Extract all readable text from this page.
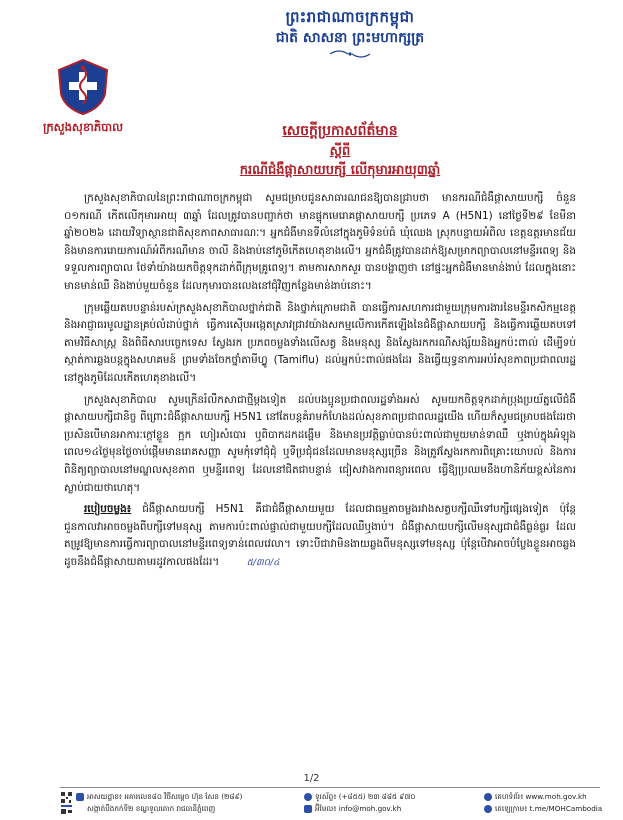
ព្រះរាជាណាចក្រកម្ពុជា
ជាតិ សាសនា ព្រះមហាក្សត្រ
ក្រសួងសុខាភិបាល	សេចក្ដីប្រកាសព័ត៌មាន
ស្ដីពី
ករណីជំងឺផ្ដាសាយបក្សី លើកុមារអាយុ៣ឆ្នាំ

ក្រសួងសុខាភិបាលនៃព្រះរាជាណាចក្រកម្ពុជា សូមជម្រាបជូនសាធារណជនឱ្យបានជ្រាបថា មានករណីជំងឺផ្ដាសាយបក្សី ចំនួន ០១ករណី កើតលើកុមារអាយុ ៣ឆ្នាំ ដែលត្រូវបានបញ្ជាក់ថា មានផ្ទុកមេរោគផ្ដាសាយបក្សី ប្រភេទ A (H5N1) នៅថ្ងៃទី២៩ ខែមីនា ឆ្នាំ២០២៦ ដោយវិទ្យាស្ថានជាតិសុខភាពសាធារណៈ។ អ្នកជំងឺមានទីលំនៅក្នុងភូមិទំនប់ធំ ឃុំឈេង ស្រុកបន្ទាយអំពិល ខេត្តឧត្ដរមានជ័យ និងមានការរោយការណ៍អំពីករណីមាន ចាលី និងងាប់នៅភូមិកើតហេតុខាងលើ។ អ្នកជំងឺត្រូវបានដាក់ឱ្យសម្រាកព្យាបាលនៅមន្ទីរពេទ្យ និងទទួលការព្យាបាល ថែទាំយ៉ាងយកចិត្តទុកដាក់ពីក្រុមគ្រូពេទ្យ។ តាមការសាកសួរ បានបង្ហាញថា នៅផ្ទះអ្នកជំងឺមានមាន់ងាប់ ដែលក្នុងនោះមានមាន់ឈឺ និងងាប់មួយចំនួន ដែលកុមារបានលេងនៅជុំវិញកន្លែងមាន់ងាប់នោះ។

ក្រុមឆ្លើយតបបន្ទាន់របស់ក្រសួងសុខាភិបាលថ្នាក់ជាតិ និងថ្នាក់ក្រោមជាតិ បានធ្វើការសហការជាមួយក្រុមការងារនៃមន្ទីរកសិកម្មខេត្ត និងអាជ្ញាធរមូលដ្ឋានគ្រប់លំដាប់ថ្នាក់ ធ្វើការស៊ើបអង្កេតស្រាវជ្រាវយ៉ាងសកម្មលើការកើតឡើងនៃជំងឺផ្ដាសាយបក្សី និងធ្វើការឆ្លើយតបទៅតាមវិធីសាស្ត្រ និងពិធីសារបច្ចេកទេស ស្វែងរក ប្រភពចម្លងទាំងលើសត្វ និងមនុស្ស និងស្វែងរកករណីសង្ស័យនិងអ្នកប៉ះពាល់ ដើម្បីទប់ស្កាត់ការឆ្លងបន្តក្នុងសហគមន៍ ព្រមទាំងចែកថ្នាំតាមីហ្វ្លូ (Tamiflu) ដល់អ្នកប៉ះពាល់ផងដែរ និងធ្វើយុទ្ធនាការអប់រំសុខភាពប្រជាពលរដ្ឋនៅក្នុងភូមិដែលកើតហេតុខាងលើ។

ក្រសួងសុខាភិបាល សូមក្រើនរំលឹកសាជាថ្មីម្ដងទៀត ដល់បងប្អូនប្រជាពលរដ្ឋទាំងអស់ សូមយកចិត្តទុកដាក់ប្រុងប្រយ័ត្នលើជំងឺផ្ដាសាយបក្សីជានិច្ច ពីព្រោះជំងឺផ្ដាសាយបក្សី H5N1 នៅតែបន្តគំរាមកំហែងដល់សុខភាពប្រជាពលរដ្ឋយើង ហើយក៏សូមជម្រាបផងដែរថា ប្រសិនបើមានអាការៈក្ដៅខ្លួន ក្អក ហៀរសំបោរ ឬពិបាកដកដង្ហើម និងមានប្រវត្តិធ្លាប់បានប៉ះពាល់ជាមួយមាន់ទាឈឺ ឬងាប់ក្នុងអំឡុងពេល១៤ថ្ងៃមុនថ្ងៃចាប់ផ្ដើមមានរោគសញ្ញា សូមកុំទៅជុំជុំ ឬទីប្រជុំជនដែលមានមនុស្សច្រើន និងត្រូវស្វែងរកការពិគ្រោះយោបល់ និងការពិនិត្យព្យាបាលនៅមណ្ឌលសុខភាព ឬមន្ទីរពេទ្យ ដែលនៅជិតជាបន្ទាន់ ជៀសវាងការពន្យារពេល ធ្វើឱ្យប្រឈមនឹងហានិភ័យខ្ពស់នៃការស្លាប់ជាយថាហេតុ។

របៀបចម្លង៖ ជំងឺផ្ដាសាយបក្សី H5N1 គឺជាជំងឺផ្ដាសាយមួយ ដែលជាធម្មតាចម្លងរវាងសត្វបក្សីឈឺទៅបក្សីផ្សេងទៀត ប៉ុន្តែជួនកាលវាអាចចម្លងពីបក្សីទៅមនុស្ស តាមការប៉ះពាល់ផ្ទាល់ជាមួយបក្សីដែលឈឺឬងាប់។ ជំងឺផ្ដាសាយបក្សីលើមនុស្សជាជំងឺធ្ងន់ធ្ងរ ដែលតម្រូវឱ្យមានការធ្វើការព្យាបាលនៅមន្ទីរពេទ្យទាន់ពេលវេលា។ ទោះបីជាវាមិនងាយឆ្លងពីមនុស្សទៅមនុស្ស ប៉ុន្តែបើវាអាចបំប្លែងខ្លួនអាចឆ្លង ដូចនឹងជំងឺផ្ដាសាយតាមរដូវកាលផងដែរ។	៥/៣០/៤

1/2
អាសយដ្ឋាន៖ អគារលេខ៨០ វិថីសម្ដេច ហ៊ុន សែន (២៨៩)
សង្កាត់បឹងកក់ទី២ ខណ្ឌទួលគោក រាជធានីភ្នំពេញ
ទូរស័ព្ទ៖ (+៨៥៥) ២៣ ៨៨៥ ៩៧០
អ៊ីមែល៖ info@moh.gov.kh
គេហទំព័រ៖ www.moh.gov.kh
តេឡេក្រាម៖ t.me/MOHCambodia
